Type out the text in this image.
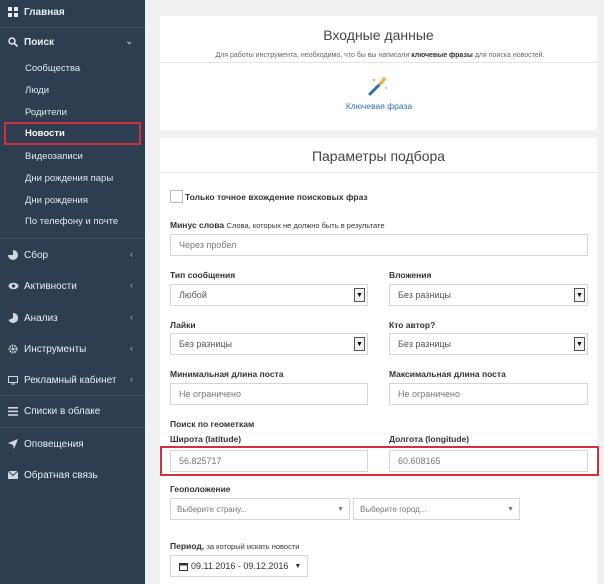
Главная
Поиск	⌄
Сообщества
Люди
Родители
Новости
Видеозаписи
Дни рождения пары
Дни рождения
По телефону и почте
Сбор	‹
Активности	‹
Анализ	‹
Инструменты	‹
Рекламный кабинет ‹
Списки в облаке
Оповещения
Обратная связь
Входные данные
Для работы инструмента, необходимо, что бы вы написали ключевые фразы для поиска новостей.
Ключевая фраза
Параметры подбора
Только точное вхождение поисковых фраз
Минус слова Слова, которых не должно быть в результате
Через пробел
Тип сообщения
Любой	▼
Вложения
Без разницы	▼
Лайки
Без разницы	▼
Кто автор?
Без разницы	▼
Минимальная длина поста
Не ограничено
Максимальная длина поста
Не ограничено
Поиск по геометкам
Широта (latitude)	Долгота (longitude)
56.825717	60.608165
Геоположение
Выберите страну...	▼ Выберите город...	▼
Период, за который искать новости
09.11.2016 - 09.12.2016 ▼
